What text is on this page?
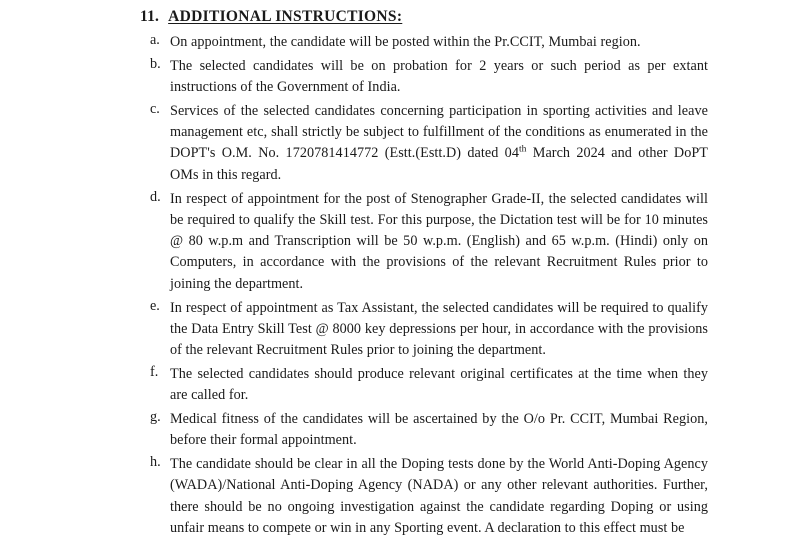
11. ADDITIONAL INSTRUCTIONS:
a. On appointment, the candidate will be posted within the Pr.CCIT, Mumbai region.
b. The selected candidates will be on probation for 2 years or such period as per extant instructions of the Government of India.
c. Services of the selected candidates concerning participation in sporting activities and leave management etc, shall strictly be subject to fulfillment of the conditions as enumerated in the DOPT's O.M. No. 1720781414772 (Estt.(Estt.D) dated 04th March 2024 and other DoPT OMs in this regard.
d. In respect of appointment for the post of Stenographer Grade-II, the selected candidates will be required to qualify the Skill test. For this purpose, the Dictation test will be for 10 minutes @ 80 w.p.m and Transcription will be 50 w.p.m. (English) and 65 w.p.m. (Hindi) only on Computers, in accordance with the provisions of the relevant Recruitment Rules prior to joining the department.
e. In respect of appointment as Tax Assistant, the selected candidates will be required to qualify the Data Entry Skill Test @ 8000 key depressions per hour, in accordance with the provisions of the relevant Recruitment Rules prior to joining the department.
f. The selected candidates should produce relevant original certificates at the time when they are called for.
g. Medical fitness of the candidates will be ascertained by the O/o Pr. CCIT, Mumbai Region, before their formal appointment.
h. The candidate should be clear in all the Doping tests done by the World Anti-Doping Agency (WADA)/National Anti-Doping Agency (NADA) or any other relevant authorities. Further, there should be no ongoing investigation against the candidate regarding Doping or using unfair means to compete or win in any Sporting event. A declaration to this effect must be
